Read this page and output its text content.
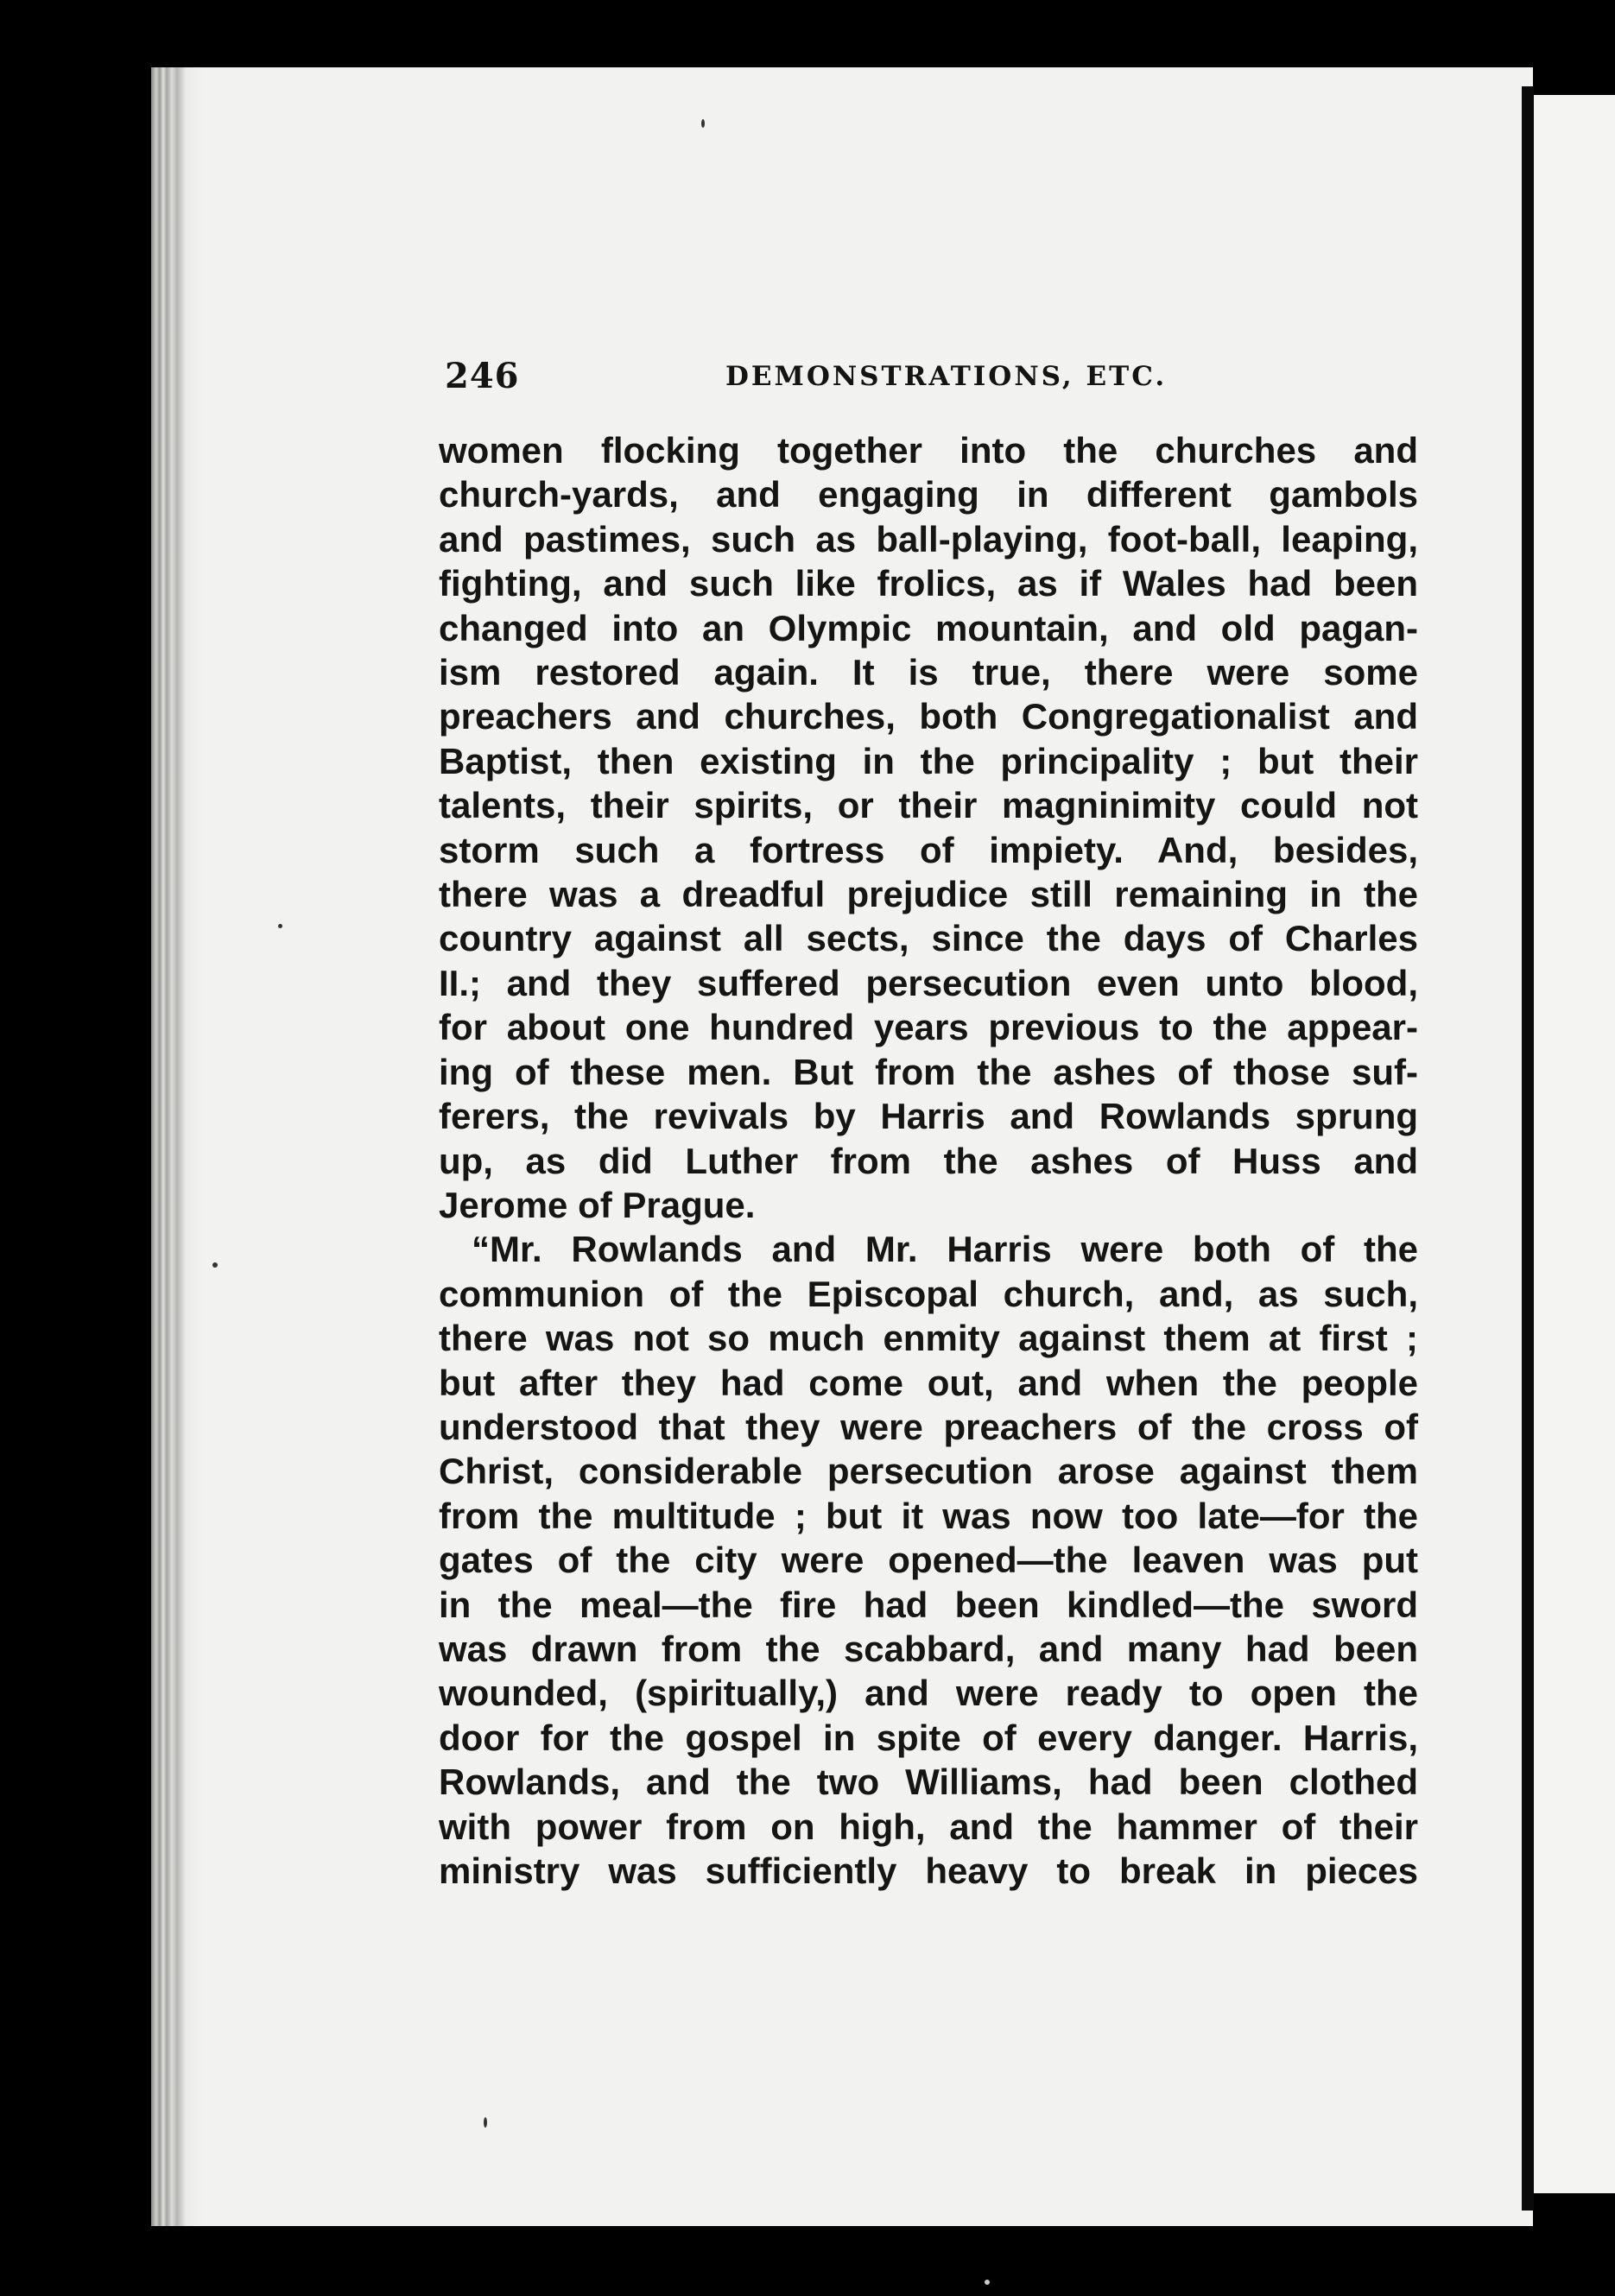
246	DEMONSTRATIONS, ETC.
women flocking together into the churches and
church-yards, and engaging in different gambols
and pastimes, such as ball-playing, foot-ball, leaping,
fighting, and such like frolics, as if Wales had been
changed into an Olympic mountain, and old pagan-
ism restored again. It is true, there were some
preachers and churches, both Congregationalist and
Baptist, then existing in the principality ; but their
talents, their spirits, or their magninimity could not
storm such a fortress of impiety. And, besides,
there was a dreadful prejudice still remaining in the
country against all sects, since the days of Charles
II.; and they suffered persecution even unto blood,
for about one hundred years previous to the appear-
ing of these men. But from the ashes of those suf-
ferers, the revivals by Harris and Rowlands sprung
up, as did Luther from the ashes of Huss and
Jerome of Prague.
“Mr. Rowlands and Mr. Harris were both of the
communion of the Episcopal church, and, as such,
there was not so much enmity against them at first ;
but after they had come out, and when the people
understood that they were preachers of the cross of
Christ, considerable persecution arose against them
from the multitude ; but it was now too late—for the
gates of the city were opened—the leaven was put
in the meal—the fire had been kindled—the sword
was drawn from the scabbard, and many had been
wounded, (spiritually,) and were ready to open the
door for the gospel in spite of every danger. Harris,
Rowlands, and the two Williams, had been clothed
with power from on high, and the hammer of their
ministry was sufficiently heavy to break in pieces
